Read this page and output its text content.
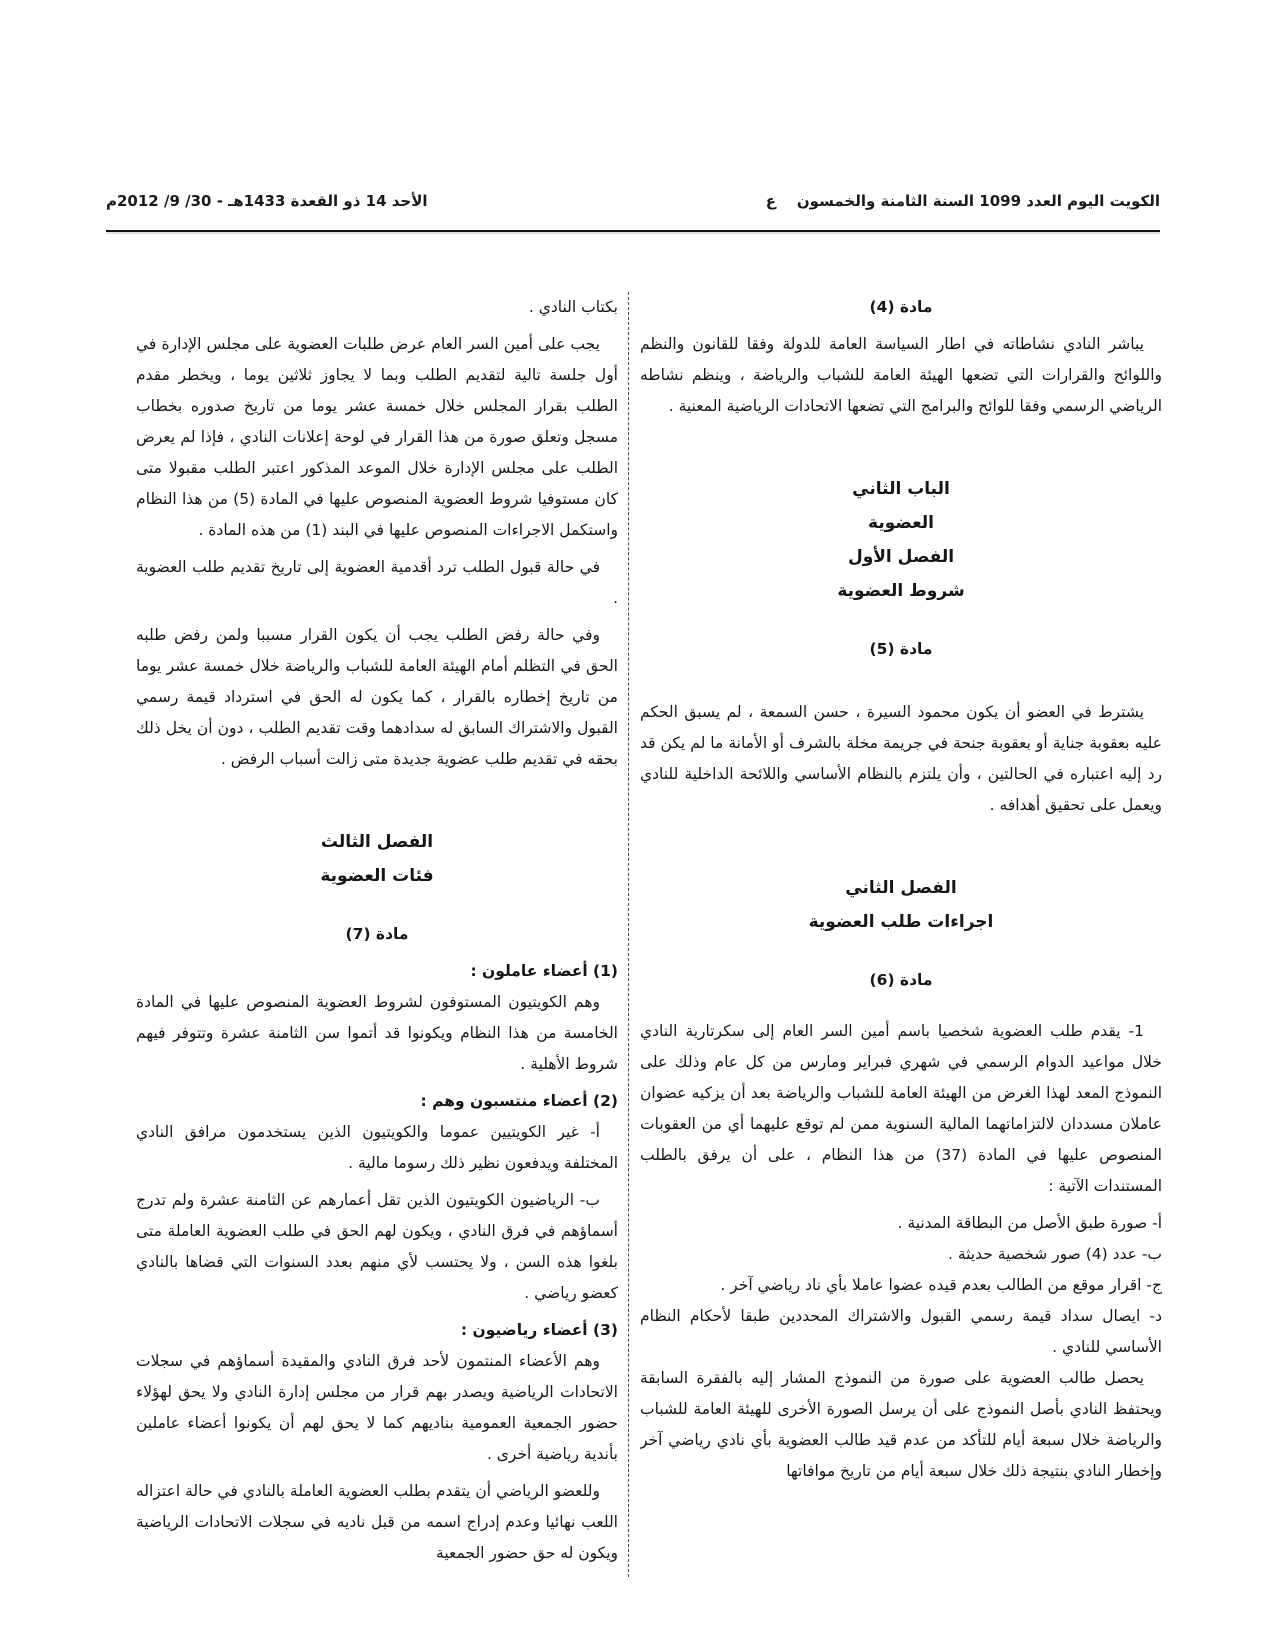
الكويت اليوم العدد 1099 السنة الثامنة والخمسون    ع
الأحد 14 ذو القعدة 1433هـ - 30/ 9/ 2012م
مادة (4)

يباشر النادي نشاطاته في اطار السياسة العامة للدولة وفقا للقانون والنظم واللوائح والقرارات التي تضعها الهيئة العامة للشباب والرياضة ، وينظم نشاطه الرياضي الرسمي وفقا للوائح والبرامج التي تضعها الاتحادات الرياضية المعنية .

الباب الثاني

العضوية

الفصل الأول

شروط العضوية

مادة (5)

يشترط في العضو أن يكون محمود السيرة ، حسن السمعة ، لم يسبق الحكم عليه بعقوبة جناية أو بعقوبة جنحة في جريمة مخلة بالشرف أو الأمانة ما لم يكن قد رد إليه اعتباره في الحالتين ، وأن يلتزم بالنظام الأساسي واللائحة الداخلية للنادي ويعمل على تحقيق أهدافه .

الفصل الثاني

اجراءات طلب العضوية

مادة (6)

1- يقدم طلب العضوية شخصيا باسم أمين السر العام إلى سكرتارية النادي خلال مواعيد الدوام الرسمي في شهري فبراير ومارس من كل عام وذلك على النموذج المعد لهذا الغرض من الهيئة العامة للشباب والرياضة بعد أن يزكيه عضوان عاملان مسددان لالتزاماتهما المالية السنوية ممن لم توقع عليهما أي من العقوبات المنصوص عليها في المادة (37) من هذا النظام ، على أن يرفق بالطلب المستندات الآتية :

أ- صورة طبق الأصل من البطاقة المدنية .

ب- عدد (4) صور شخصية حديثة .

ج- اقرار موقع من الطالب بعدم قيده عضوا عاملا بأي ناد رياضي آخر .

د- ايصال سداد قيمة رسمي القبول والاشتراك المحددين طبقا لأحكام النظام الأساسي للنادي .

يحصل طالب العضوية على صورة من النموذج المشار إليه بالفقرة السابقة ويحتفظ النادي بأصل النموذج على أن يرسل الصورة الأخرى للهيئة العامة للشباب والرياضة خلال سبعة أيام للتأكد من عدم قيد طالب العضوية بأي نادي رياضي آخر وإخطار النادي بنتيجة ذلك خلال سبعة أيام من تاريخ موافاتها

بكتاب النادي .

يجب على أمين السر العام عرض طلبات العضوية على مجلس الإدارة في أول جلسة تالية لتقديم الطلب وبما لا يجاوز ثلاثين يوما ، ويخطر مقدم الطلب بقرار المجلس خلال خمسة عشر يوما من تاريخ صدوره بخطاب مسجل وتعلق صورة من هذا القرار في لوحة إعلانات النادي ، فإذا لم يعرض الطلب على مجلس الإدارة خلال الموعد المذكور اعتبر الطلب مقبولا متى كان مستوفيا شروط العضوية المنصوص عليها في المادة (5) من هذا النظام واستكمل الاجراءات المنصوص عليها في البند (1) من هذه المادة .

في حالة قبول الطلب ترد أقدمية العضوية إلى تاريخ تقديم طلب العضوية .

وفي حالة رفض الطلب يجب أن يكون القرار مسببا ولمن رفض طلبه الحق في التظلم أمام الهيئة العامة للشباب والرياضة خلال خمسة عشر يوما من تاريخ إخطاره بالقرار ، كما يكون له الحق في استرداد قيمة رسمي القبول والاشتراك السابق له سدادهما وقت تقديم الطلب ، دون أن يخل ذلك بحقه في تقديم طلب عضوية جديدة متى زالت أسباب الرفض .

الفصل الثالث

فئات العضوية

مادة (7)

(1) أعضاء عاملون :

وهم الكويتيون المستوفون لشروط العضوية المنصوص عليها في المادة الخامسة من هذا النظام ويكونوا قد أتموا سن الثامنة عشرة وتتوفر فيهم شروط الأهلية .

(2) أعضاء منتسبون وهم :

أ- غير الكويتيين عموما والكويتيون الذين يستخدمون مرافق النادي المختلفة ويدفعون نظير ذلك رسوما مالية .

ب- الرياضيون الكويتيون الذين تقل أعمارهم عن الثامنة عشرة ولم تدرج أسماؤهم في فرق النادي ، ويكون لهم الحق في طلب العضوية العاملة متى بلغوا هذه السن ، ولا يحتسب لأي منهم بعدد السنوات التي قضاها بالنادي كعضو رياضي .

(3) أعضاء رياضيون :

وهم الأعضاء المنتمون لأحد فرق النادي والمقيدة أسماؤهم في سجلات الاتحادات الرياضية ويصدر بهم قرار من مجلس إدارة النادي ولا يحق لهؤلاء حضور الجمعية العمومية بناديهم كما لا يحق لهم أن يكونوا أعضاء عاملين بأندية رياضية أخرى .

وللعضو الرياضي أن يتقدم بطلب العضوية العاملة بالنادي في حالة اعتزاله اللعب نهائيا وعدم إدراج اسمه من قبل ناديه في سجلات الاتحادات الرياضية ويكون له حق حضور الجمعية
